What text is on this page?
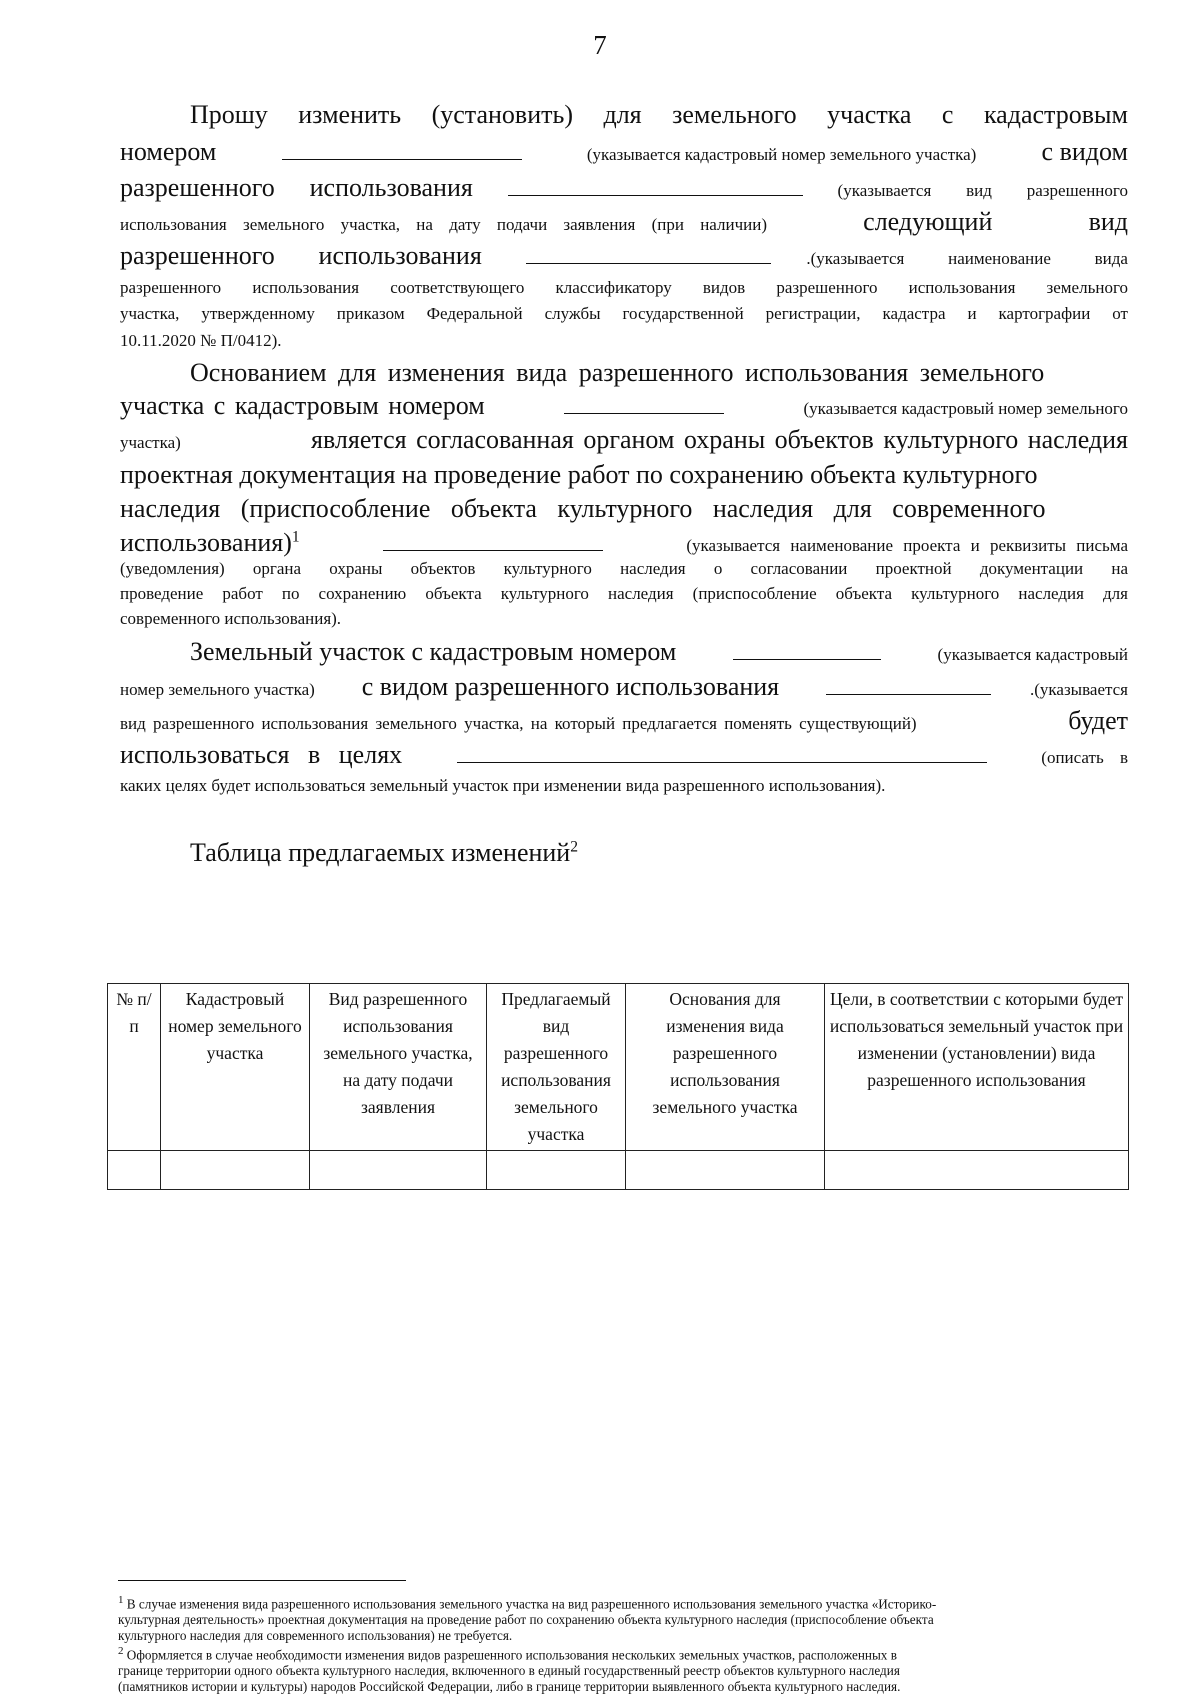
7
Прошу изменить (установить) для земельного участка с кадастровым
номером	(указывается кадастровый номер земельного участка)	с видом
разрешенного использования	(указывается вид разрешенного
использования земельного участка, на дату подачи заявления (при наличии)	следующий	вид
разрешенного использования	.(указывается	наименование	вида
разрешенного использования соответствующего классификатору видов разрешенного использования земельного
участка, утвержденному приказом Федеральной службы государственной регистрации, кадастра и картографии от
10.11.2020 № П/0412).
Основанием для изменения вида разрешенного использования земельного
участка с кадастровым номером	(указывается кадастровый номер земельного
участка)	является согласованная органом охраны объектов культурного наследия
проектная документация на проведение работ по сохранению объекта культурного
наследия (приспособление объекта культурного наследия для современного
использования)$^1$	(указывается наименование проекта и реквизиты письма
(уведомления) органа охраны объектов культурного наследия о согласовании проектной документации на
проведение работ по сохранению объекта культурного наследия (приспособление объекта культурного наследия для
современного использования).
Земельный участок с кадастровым номером	(указывается кадастровый
номер земельного участка) с видом разрешенного использования	.(указывается
вид разрешенного использования земельного участка, на который предлагается поменять существующий)	будет
использоваться в целях	(описать в
каких целях будет использоваться земельный участок при изменении вида разрешенного использования).
Таблица предлагаемых изменений$^2$
№ п/п	Кадастровый номер земельного участка	Вид разрешенного использования земельного участка, на дату подачи заявления	Предлагаемый вид разрешенного использования земельного участка	Основания для изменения вида разрешенного использования земельного участка	Цели, в соответствии с которыми будет использоваться земельный участок при изменении (установлении) вида разрешенного использования

$^1$ В случае изменения вида разрешенного использования земельного участка на вид разрешенного использования земельного участка «Историко-
культурная деятельность» проектная документация на проведение работ по сохранению объекта культурного наследия (приспособление объекта
культурного наследия для современного использования) не требуется.
$^2$ Оформляется в случае необходимости изменения видов разрешенного использования нескольких земельных участков, расположенных в
границе территории одного объекта культурного наследия, включенного в единый государственный реестр объектов культурного наследия
(памятников истории и культуры) народов Российской Федерации, либо в границе территории выявленного объекта культурного наследия.
